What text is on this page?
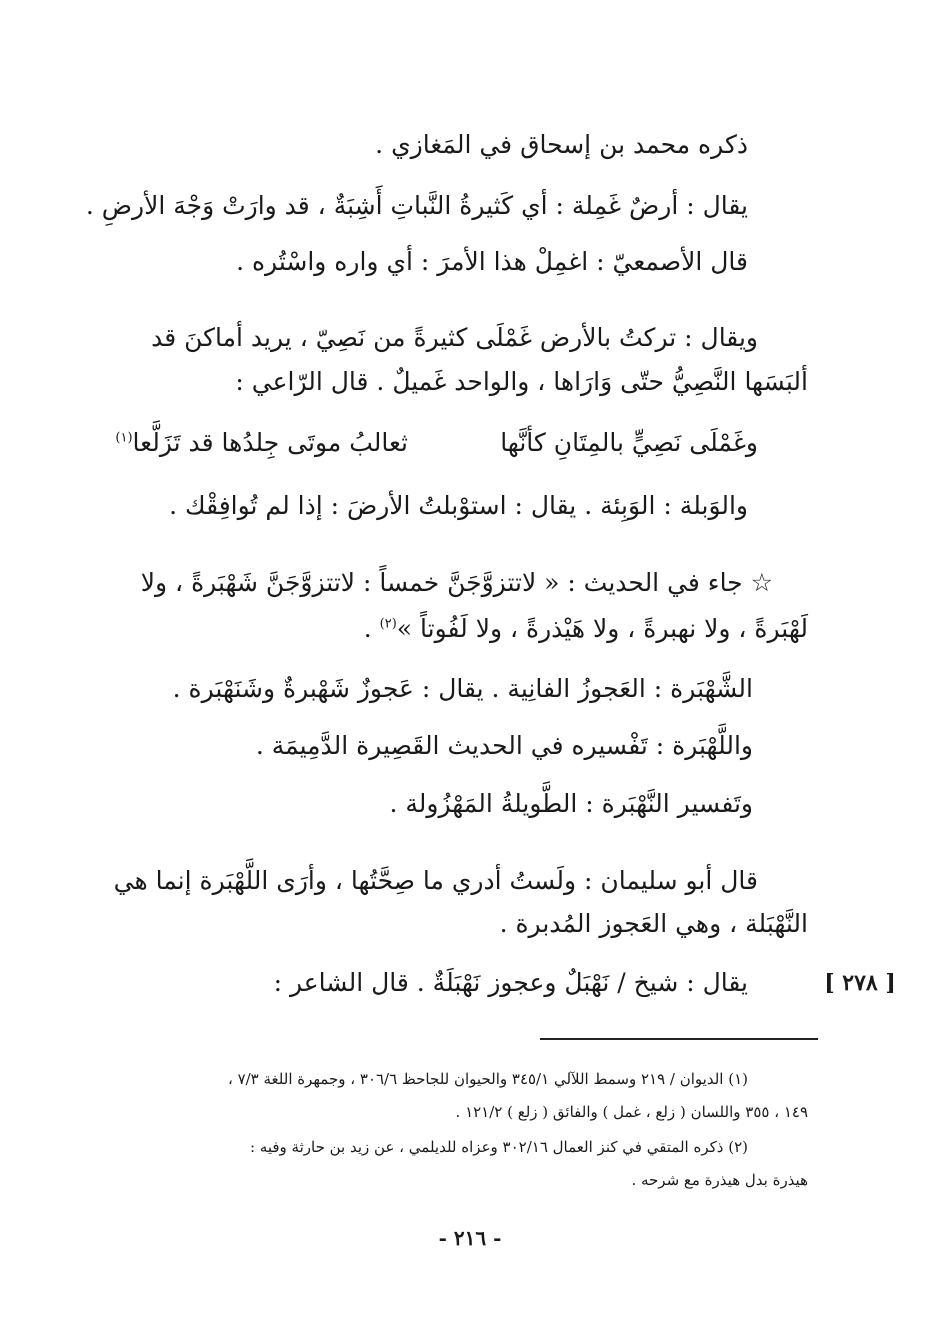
ذكره محمد بن إسحاق في المَغازي .
يقال : أرضٌ غَمِلة : أي كَثيرةُ النَّباتِ أَشِبَةٌ ، قد وارَتْ وَجْهَ الأرضِ .
قال الأصمعيّ : اغمِلْ هذا الأمرَ : أي واره واسْتُره .
ويقال : تركتُ بالأرض غَمْلَى كثيرةً من نَصِيّ ، يريد أماكنَ قد
ألبَسَها النَّصِيُّ حتّى وَارَاها ، والواحد غَميلٌ . قال الرّاعي :
وغَمْلَى نَصِيٍّ بالمِتَانِ كأنَّها
ثعالبُ موتَى جِلدُها قد تَزَلَّعا$^{(١)}$
والوَبلة : الوَبِئة . يقال : استوْبلتُ الأرضَ : إذا لم تُوافِقْك .
☆ جاء في الحديث : « لاتتزوَّجَنَّ خمساً : لاتتزوَّجَنَّ شَهْبَرةً ، ولا
لَهْبَرةً ، ولا نهبرةً ، ولا هَيْذرةً ، ولا لَفُوتاً »$^{(٢)}$ .
الشَّهْبَرة : العَجوزُ الفانِية . يقال : عَجوزٌ شَهْبرةٌ وشَنَهْبَرة .
واللَّهْبَرة : تَفْسيره في الحديث القَصِيرة الدَّمِيمَة .
وتَفسير النَّهْبَرة : الطَّويلةُ المَهْزُولة .
قال أبو سليمان : ولَستُ أدري ما صِحَّتُها ، وأرَى اللَّهْبَرة إنما هي
النَّهْبَلة ، وهي العَجوز المُدبرة .
يقال : شيخ / نَهْبَلٌ وعجوز نَهْبَلَةٌ . قال الشاعر :	[ ٢٧٨ ]
(١) الديوان / ٢١٩ وسمط اللآلي ٣٤٥/١ والحيوان للجاحظ ٣٠٦/٦ ، وجمهرة اللغة ٧/٣ ،
١٤٩ ، ٣٥٥ واللسان ( زلع ، غمل ) والفائق ( زلع ) ١٢١/٢ .
(٢) ذكره المتقي في كنز العمال ٣٠٢/١٦ وعزاه للديلمي ، عن زيد بن حارثة وفيه :
هيذرة بدل هيذرة مع شرحه .
- ٢١٦ -
